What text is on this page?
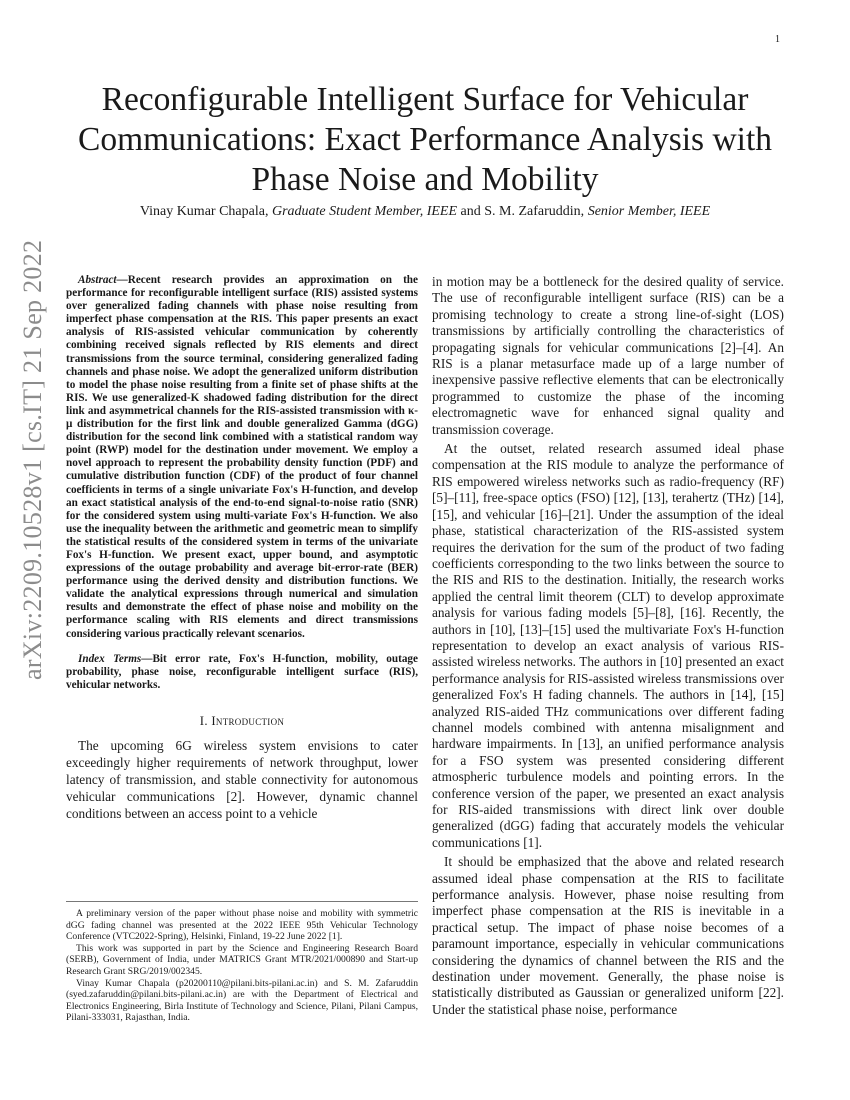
1
arXiv:2209.10528v1 [cs.IT] 21 Sep 2022
Reconfigurable Intelligent Surface for Vehicular Communications: Exact Performance Analysis with Phase Noise and Mobility
Vinay Kumar Chapala, Graduate Student Member, IEEE and S. M. Zafaruddin, Senior Member, IEEE

Abstract—Recent research provides an approximation on the performance for reconfigurable intelligent surface (RIS) assisted systems over generalized fading channels with phase noise resulting from imperfect phase compensation at the RIS. This paper presents an exact analysis of RIS-assisted vehicular communication by coherently combining received signals reflected by RIS elements and direct transmissions from the source terminal, considering generalized fading channels and phase noise. We adopt the generalized uniform distribution to model the phase noise resulting from a finite set of phase shifts at the RIS. We use generalized-K shadowed fading distribution for the direct link and asymmetrical channels for the RIS-assisted transmission with κ-μ distribution for the first link and double generalized Gamma (dGG) distribution for the second link combined with a statistical random way point (RWP) model for the destination under movement. We employ a novel approach to represent the probability density function (PDF) and cumulative distribution function (CDF) of the product of four channel coefficients in terms of a single univariate Fox's H-function, and develop an exact statistical analysis of the end-to-end signal-to-noise ratio (SNR) for the considered system using multi-variate Fox's H-function. We also use the inequality between the arithmetic and geometric mean to simplify the statistical results of the considered system in terms of the univariate Fox's H-function. We present exact, upper bound, and asymptotic expressions of the outage probability and average bit-error-rate (BER) performance using the derived density and distribution functions. We validate the analytical expressions through numerical and simulation results and demonstrate the effect of phase noise and mobility on the performance scaling with RIS elements and direct transmissions considering various practically relevant scenarios.

Index Terms—Bit error rate, Fox's H-function, mobility, outage probability, phase noise, reconfigurable intelligent surface (RIS), vehicular networks.

I. Introduction

The upcoming 6G wireless system envisions to cater exceedingly higher requirements of network throughput, lower latency of transmission, and stable connectivity for autonomous vehicular communications [2]. However, dynamic channel conditions between an access point to a vehicle

A preliminary version of the paper without phase noise and mobility with symmetric dGG fading channel was presented at the 2022 IEEE 95th Vehicular Technology Conference (VTC2022-Spring), Helsinki, Finland, 19-22 June 2022 [1].

This work was supported in part by the Science and Engineering Research Board (SERB), Government of India, under MATRICS Grant MTR/2021/000890 and Start-up Research Grant SRG/2019/002345.

Vinay Kumar Chapala (p20200110@pilani.bits-pilani.ac.in) and S. M. Zafaruddin (syed.zafaruddin@pilani.bits-pilani.ac.in) are with the Department of Electrical and Electronics Engineering, Birla Institute of Technology and Science, Pilani, Pilani Campus, Pilani-333031, Rajasthan, India.

in motion may be a bottleneck for the desired quality of service. The use of reconfigurable intelligent surface (RIS) can be a promising technology to create a strong line-of-sight (LOS) transmissions by artificially controlling the characteristics of propagating signals for vehicular communications [2]–[4]. An RIS is a planar metasurface made up of a large number of inexpensive passive reflective elements that can be electronically programmed to customize the phase of the incoming electromagnetic wave for enhanced signal quality and transmission coverage.

At the outset, related research assumed ideal phase compensation at the RIS module to analyze the performance of RIS empowered wireless networks such as radio-frequency (RF) [5]–[11], free-space optics (FSO) [12], [13], terahertz (THz) [14], [15], and vehicular [16]–[21]. Under the assumption of the ideal phase, statistical characterization of the RIS-assisted system requires the derivation for the sum of the product of two fading coefficients corresponding to the two links between the source to the RIS and RIS to the destination. Initially, the research works applied the central limit theorem (CLT) to develop approximate analysis for various fading models [5]–[8], [16]. Recently, the authors in [10], [13]–[15] used the multivariate Fox's H-function representation to develop an exact analysis of various RIS-assisted wireless networks. The authors in [10] presented an exact performance analysis for RIS-assisted wireless transmissions over generalized Fox's H fading channels. The authors in [14], [15] analyzed RIS-aided THz communications over different fading channel models combined with antenna misalignment and hardware impairments. In [13], an unified performance analysis for a FSO system was presented considering different atmospheric turbulence models and pointing errors. In the conference version of the paper, we presented an exact analysis for RIS-aided transmissions with direct link over double generalized (dGG) fading that accurately models the vehicular communications [1].

It should be emphasized that the above and related research assumed ideal phase compensation at the RIS to facilitate performance analysis. However, phase noise resulting from imperfect phase compensation at the RIS is inevitable in a practical setup. The impact of phase noise becomes of a paramount importance, especially in vehicular communications considering the dynamics of channel between the RIS and the destination under movement. Generally, the phase noise is statistically distributed as Gaussian or generalized uniform [22]. Under the statistical phase noise, performance
